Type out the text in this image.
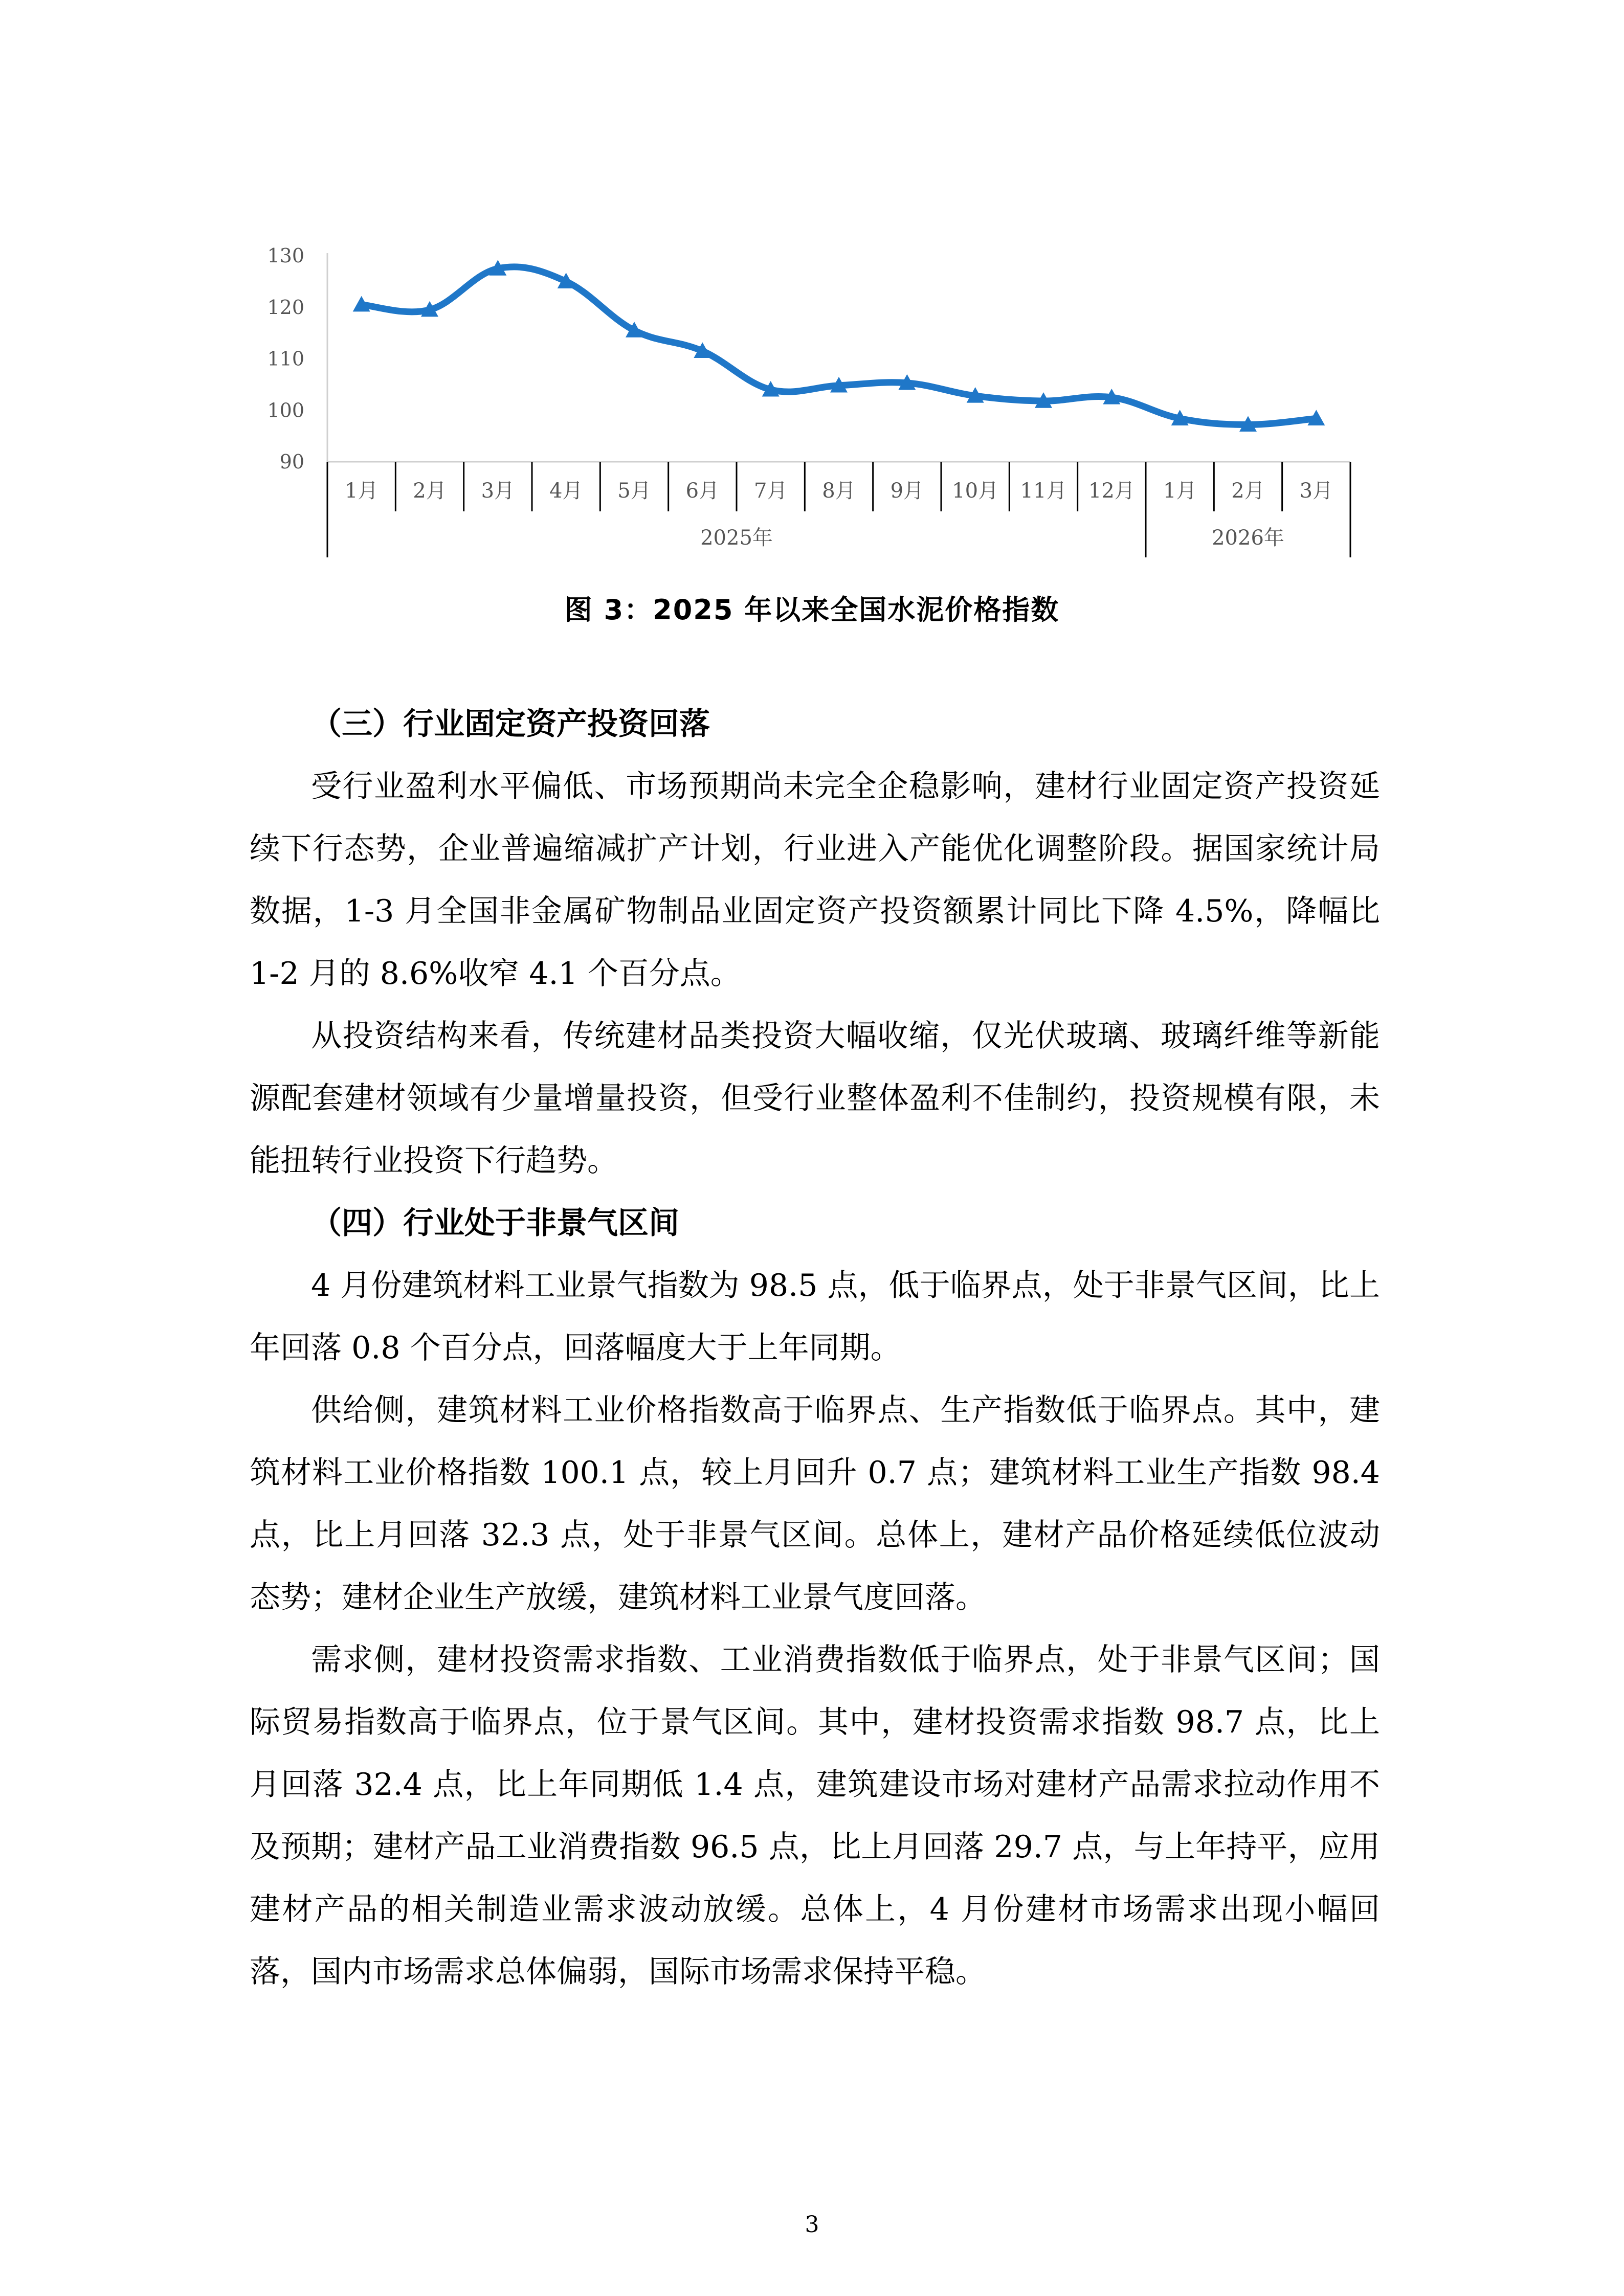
130
120
110
100
90
1月 2月 3月 4月 5月 6月 7月 8月 9月 10月 11月 12月 1月 2月 3月
2025年	2026年
图 3：2025 年以来全国水泥价格指数
（三）行业固定资产投资回落

受行业盈利水平偏低、市场预期尚未完全企稳影响，建材行业固定资产投资延续下行态势，企业普遍缩减扩产计划，行业进入产能优化调整阶段。据国家统计局数据，1-3 月全国非金属矿物制品业固定资产投资额累计同比下降 4.5%，降幅比 1-2 月的 8.6%收窄 4.1 个百分点。

从投资结构来看，传统建材品类投资大幅收缩，仅光伏玻璃、玻璃纤维等新能源配套建材领域有少量增量投资，但受行业整体盈利不佳制约，投资规模有限，未能扭转行业投资下行趋势。

（四）行业处于非景气区间

4 月份建筑材料工业景气指数为 98.5 点，低于临界点，处于非景气区间，比上年回落 0.8 个百分点，回落幅度大于上年同期。

供给侧，建筑材料工业价格指数高于临界点、生产指数低于临界点。其中，建筑材料工业价格指数 100.1 点，较上月回升 0.7 点；建筑材料工业生产指数 98.4 点，比上月回落 32.3 点，处于非景气区间。总体上，建材产品价格延续低位波动态势；建材企业生产放缓，建筑材料工业景气度回落。

需求侧，建材投资需求指数、工业消费指数低于临界点，处于非景气区间；国际贸易指数高于临界点，位于景气区间。其中，建材投资需求指数 98.7 点，比上月回落 32.4 点，比上年同期低 1.4 点，建筑建设市场对建材产品需求拉动作用不及预期；建材产品工业消费指数 96.5 点，比上月回落 29.7 点，与上年持平，应用建材产品的相关制造业需求波动放缓。总体上，4 月份建材市场需求出现小幅回落，国内市场需求总体偏弱，国际市场需求保持平稳。

3
